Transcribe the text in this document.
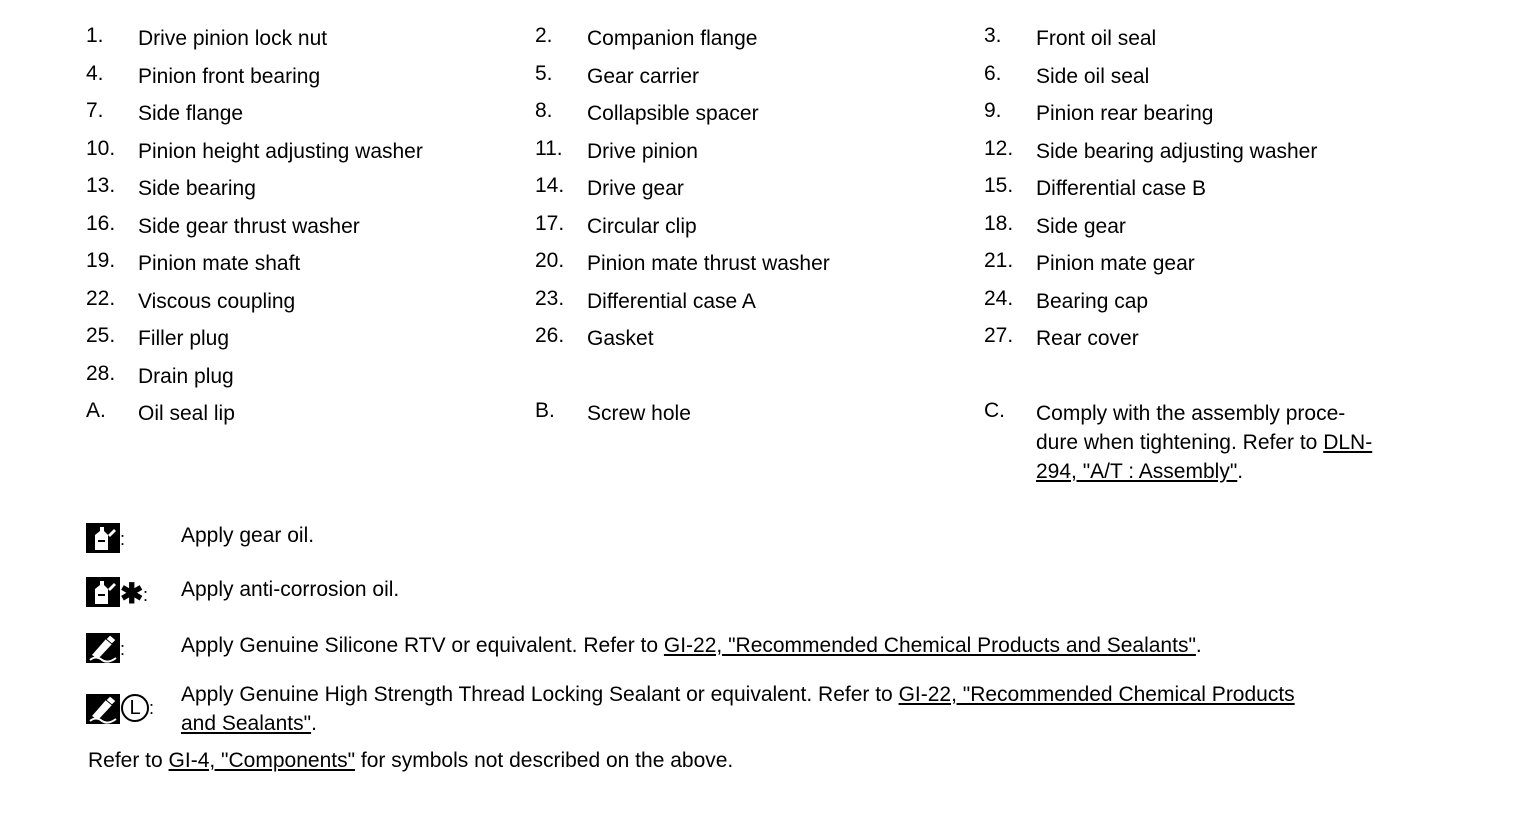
1.	Drive pinion lock nut	2.	Companion flange	3.	Front oil seal
4.	Pinion front bearing	5.	Gear carrier	6.	Side oil seal
7.	Side flange	8.	Collapsible spacer	9.	Pinion rear bearing
10.	Pinion height adjusting washer	11.	Drive pinion	12.	Side bearing adjusting washer
13.	Side bearing	14.	Drive gear	15.	Differential case B
16.	Side gear thrust washer	17.	Circular clip	18.	Side gear
19.	Pinion mate shaft	20.	Pinion mate thrust washer	21.	Pinion mate gear
22.	Viscous coupling	23.	Differential case A	24.	Bearing cap
25.	Filler plug	26.	Gasket	27.	Rear cover
28.	Drain plug
A.	Oil seal lip	B.	Screw hole	C.	Comply with the assembly proce-
dure when tightening. Refer to DLN-
294, "A/T : Assembly".
:	Apply gear oil.
✱ : Apply anti-corrosion oil.
:	Apply Genuine Silicone RTV or equivalent. Refer to GI-22, "Recommended Chemical Products and Sealants".
L :
Apply Genuine High Strength Thread Locking Sealant or equivalent. Refer to GI-22, "Recommended Chemical Products
and Sealants".
Refer to GI-4, "Components" for symbols not described on the above.
